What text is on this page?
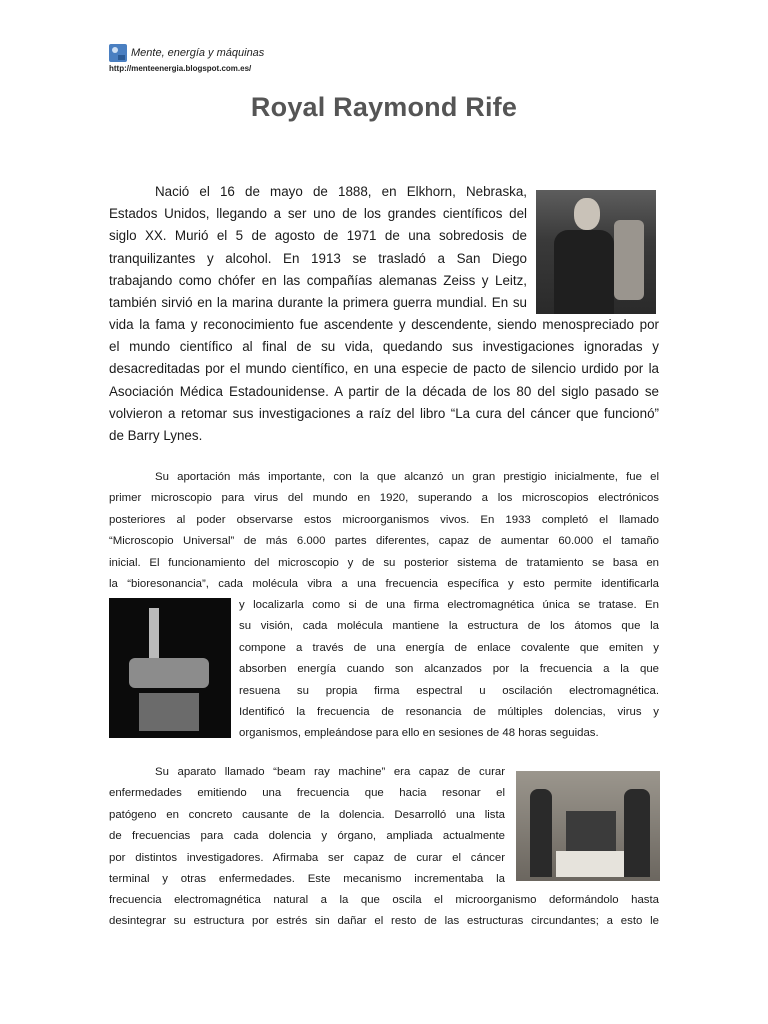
Mente, energía y máquinas
http://menteenergia.blogspot.com.es/
Royal Raymond Rife
Nació el 16 de mayo de 1888, en Elkhorn, Nebraska,
Estados Unidos, llegando a ser uno de los grandes científicos del
siglo XX. Murió el 5 de agosto de 1971 de una sobredosis de
tranquilizantes y alcohol. En 1913 se trasladó a San Diego
trabajando como chófer en las compañías alemanas Zeiss y Leitz,
también sirvió en la marina durante la primera guerra mundial. En su
vida la fama y reconocimiento fue ascendente y descendente, siendo menospreciado por
el mundo científico al final de su vida, quedando sus investigaciones ignoradas y
desacreditadas por el mundo científico, en una especie de pacto de silencio urdido por la
Asociación Médica Estadounidense. A partir de la década de los 80 del siglo pasado se
volvieron a retomar sus investigaciones a raíz del libro “La cura del cáncer que funcionó”
de Barry Lynes.
Su aportación más importante, con la que alcanzó un gran prestigio inicialmente, fue el
primer microscopio para virus del mundo en 1920, superando a los microscopios electrónicos
posteriores al poder observarse estos microorganismos vivos. En 1933 completó el llamado
“Microscopio Universal” de más 6.000 partes diferentes, capaz de aumentar 60.000 el tamaño
inicial. El funcionamiento del microscopio y de su posterior sistema de tratamiento se basa en
la “bioresonancia”, cada molécula vibra a una frecuencia específica y esto permite identificarla
y localizarla como si de una firma electromagnética única se tratase. En
su visión, cada molécula mantiene la estructura de los átomos que la
compone a través de una energía de enlace covalente que emiten y
absorben energía cuando son alcanzados por la frecuencia a la que
resuena su propia firma espectral u oscilación electromagnética.
Identificó la frecuencia de resonancia de múltiples dolencias, virus y
organismos, empleándose para ello en sesiones de 48 horas seguidas.
Su aparato llamado “beam ray machine” era capaz de curar
enfermedades emitiendo una frecuencia que hacia resonar el
patógeno en concreto causante de la dolencia. Desarrolló una lista
de frecuencias para cada dolencia y órgano, ampliada actualmente
por distintos investigadores. Afirmaba ser capaz de curar el cáncer
terminal y otras enfermedades. Este mecanismo incrementaba la
frecuencia electromagnética natural a la que oscila el microorganismo deformándolo hasta
desintegrar su estructura por estrés sin dañar el resto de las estructuras circundantes; a esto le
